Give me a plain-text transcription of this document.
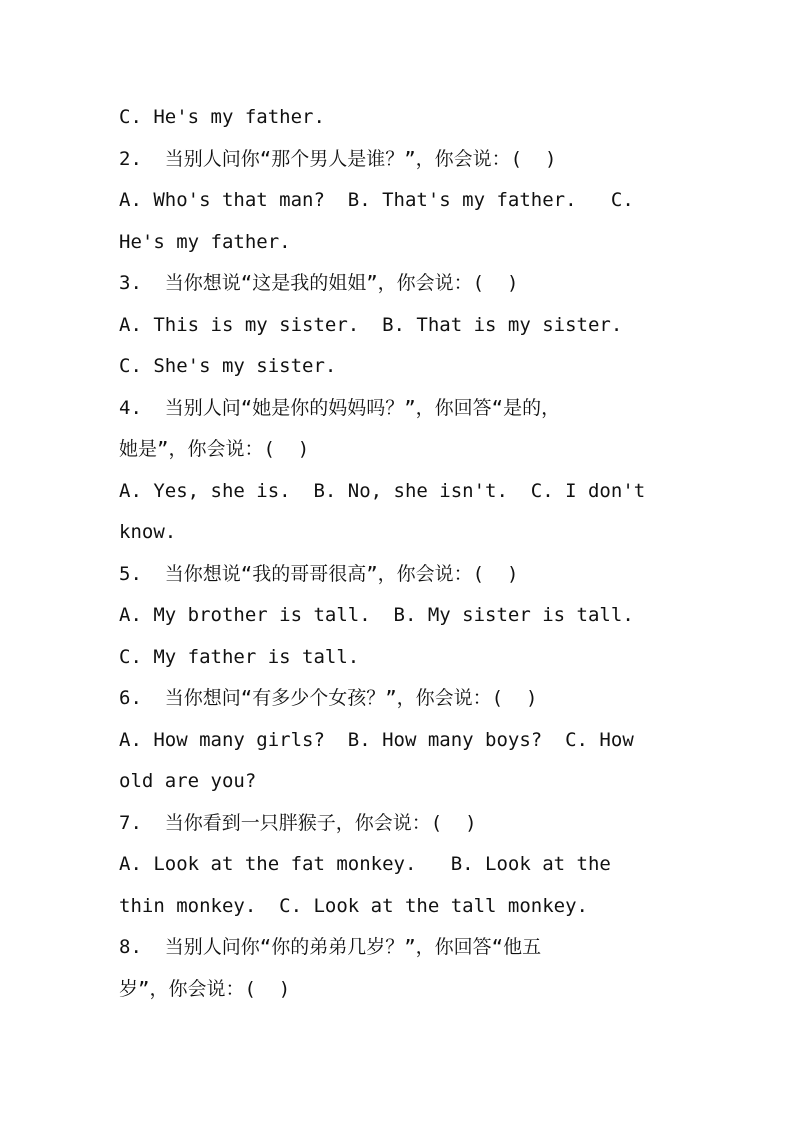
C. He's my father.
2.  当别人问你“那个男人是谁？”，你会说：(  )
A. Who's that man?  B. That's my father.   C.
He's my father.
3.  当你想说“这是我的姐姐”，你会说：(  )
A. This is my sister.  B. That is my sister.
C. She's my sister.
4.  当别人问“她是你的妈妈吗？”，你回答“是的，
她是”，你会说：(  )
A. Yes, she is.  B. No, she isn't.  C. I don't
know.
5.  当你想说“我的哥哥很高”，你会说：(  )
A. My brother is tall.  B. My sister is tall.
C. My father is tall.
6.  当你想问“有多少个女孩？”，你会说：(  )
A. How many girls?  B. How many boys?  C. How
old are you?
7.  当你看到一只胖猴子，你会说：(  )
A. Look at the fat monkey.   B. Look at the
thin monkey.  C. Look at the tall monkey.
8.  当别人问你“你的弟弟几岁？”，你回答“他五
岁”，你会说：(  )
